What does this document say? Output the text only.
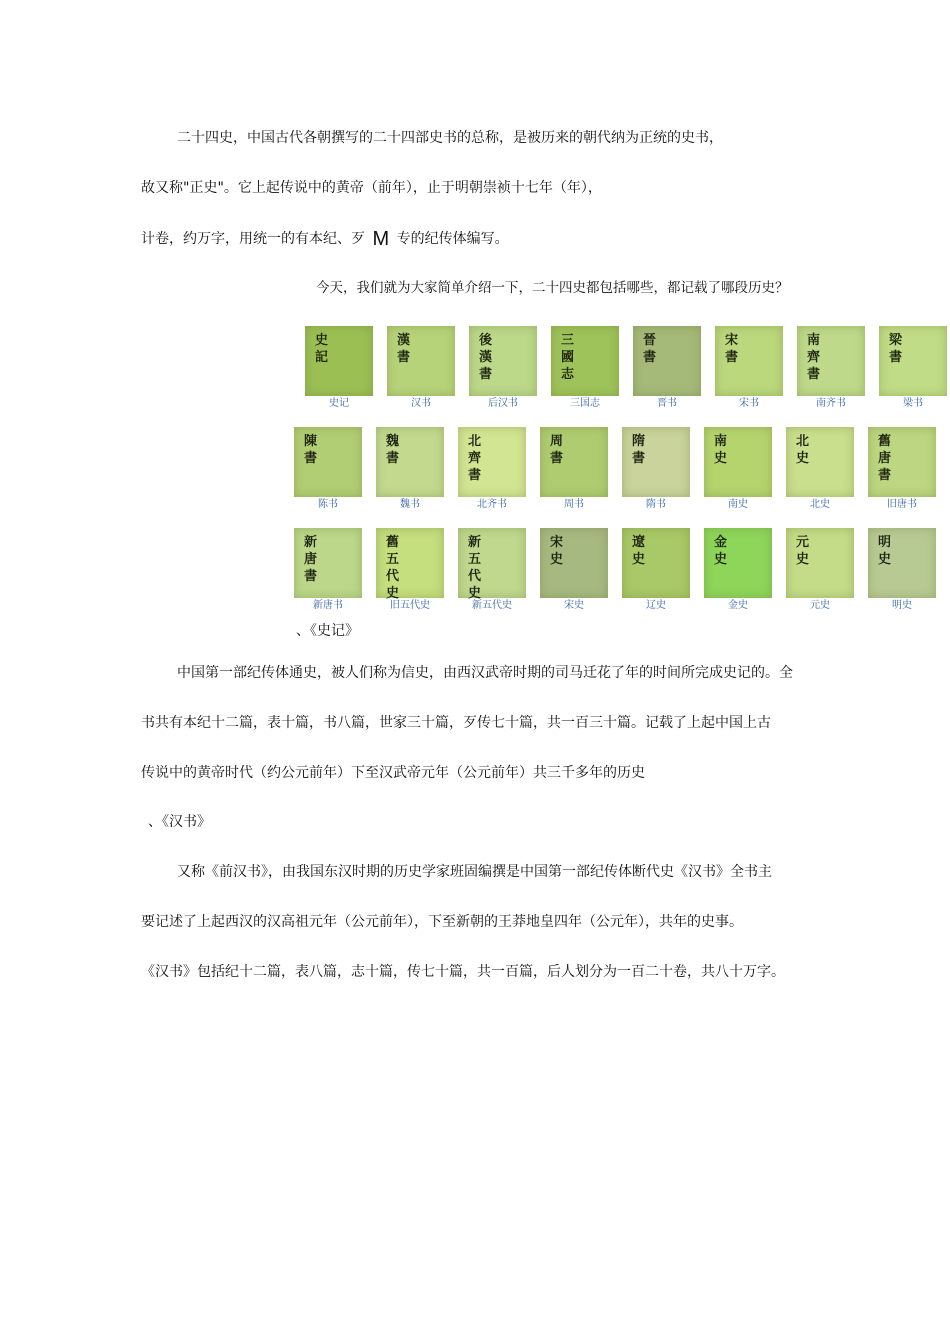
二十四史，中国古代各朝撰写的二十四部史书的总称，是被历来的朝代纳为正统的史书，
故又称"正史"。它上起传说中的黄帝（前年），止于明朝崇祯十七年（年），
计卷，约万字，用统一的有本纪、歹 M 专的纪传体编写。
今天，我们就为大家简单介绍一下，二十四史都包括哪些，都记载了哪段历史？
史記
史记
漢書
汉书
後漢書
后汉书
三國志
三国志
晉書
晋书
宋書
宋书
南齊書
南齐书
梁書
梁书
陳書
陈书
魏書
魏书
北齊書
北齐书
周書
周书
隋書
隋书
南史
南史
北史
北史
舊唐書
旧唐书
新唐書
新唐书
舊五代史
旧五代史
新五代史
新五代史
宋史
宋史
遼史
辽史
金史
金史
元史
元史
明史
明史
、《史记》
中国第一部纪传体通史，被人们称为信史，由西汉武帝时期的司马迁花了年的时间所完成史记的。全
书共有本纪十二篇，表十篇，书八篇，世家三十篇，歹传七十篇，共一百三十篇。记载了上起中国上古
传说中的黄帝时代（约公元前年）下至汉武帝元年（公元前年）共三千多年的历史
、《汉书》
又称《前汉书》，由我国东汉时期的历史学家班固编撰是中国第一部纪传体断代史《汉书》全书主
要记述了上起西汉的汉高祖元年（公元前年），下至新朝的王莽地皇四年（公元年），共年的史事。
《汉书》包括纪十二篇，表八篇，志十篇，传七十篇，共一百篇，后人划分为一百二十卷，共八十万字。
